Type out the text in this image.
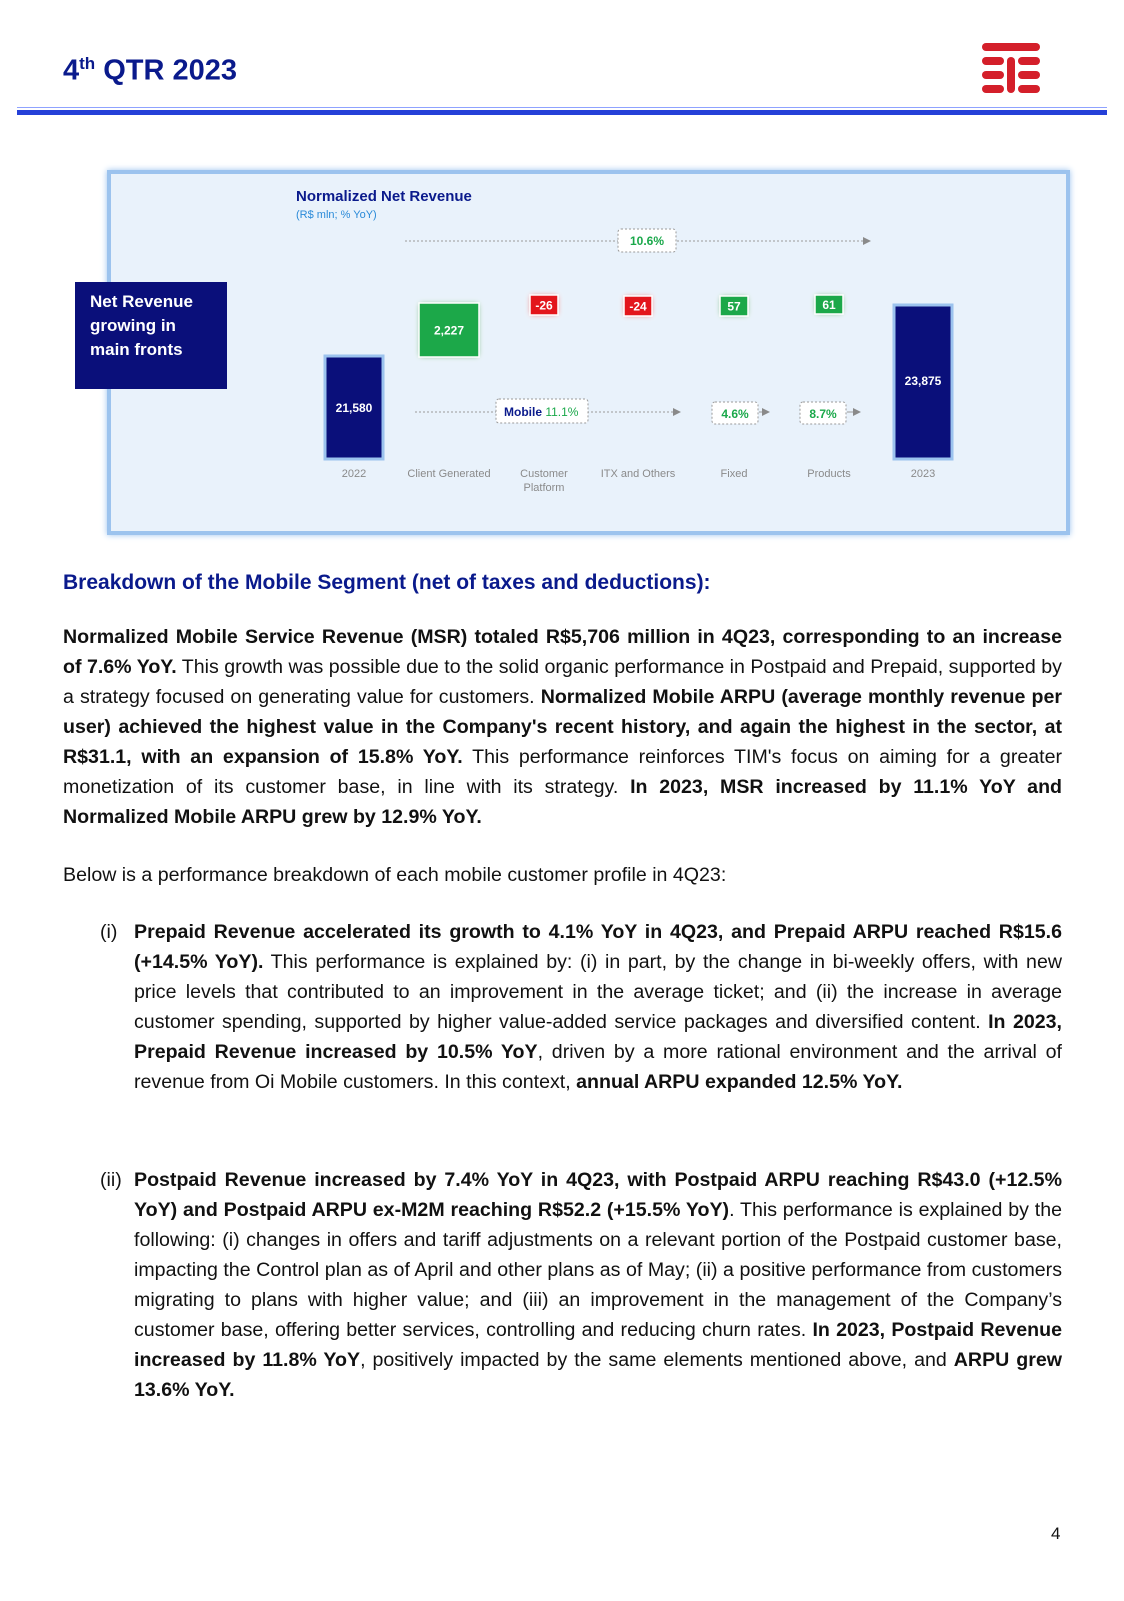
4th QTR 2023
Normalized Net Revenue
(R$ mln; % YoY)
10.6%
21,580
23,875
2,227
-26	-24	57	61
Mobile 11.1%	4.6%	8.7%
2022	Client Generated	Customer
Platform
ITX and Others	Fixed	Products	2023
Net Revenue
growing in
main fronts
Breakdown of the Mobile Segment (net of taxes and deductions):
Normalized Mobile Service Revenue (MSR) totaled R$5,706 million in 4Q23, corresponding to an increase of 7.6% YoY. This growth was possible due to the solid organic performance in Postpaid and Prepaid, supported by a strategy focused on generating value for customers. Normalized Mobile ARPU (average monthly revenue per user) achieved the highest value in the Company's recent history, and again the highest in the sector, at R$31.1, with an expansion of 15.8% YoY. This performance reinforces TIM's focus on aiming for a greater monetization of its customer base, in line with its strategy. In 2023, MSR increased by 11.1% YoY and Normalized Mobile ARPU grew by 12.9% YoY.
Below is a performance breakdown of each mobile customer profile in 4Q23:
(i) Prepaid Revenue accelerated its growth to 4.1% YoY in 4Q23, and Prepaid ARPU reached R$15.6 (+14.5% YoY). This performance is explained by: (i) in part, by the change in bi-weekly offers, with new price levels that contributed to an improvement in the average ticket; and (ii) the increase in average customer spending, supported by higher value-added service packages and diversified content. In 2023, Prepaid Revenue increased by 10.5% YoY, driven by a more rational environment and the arrival of revenue from Oi Mobile customers. In this context, annual ARPU expanded 12.5% YoY.
(ii) Postpaid Revenue increased by 7.4% YoY in 4Q23, with Postpaid ARPU reaching R$43.0 (+12.5% YoY) and Postpaid ARPU ex-M2M reaching R$52.2 (+15.5% YoY). This performance is explained by the following: (i) changes in offers and tariff adjustments on a relevant portion of the Postpaid customer base, impacting the Control plan as of April and other plans as of May; (ii) a positive performance from customers migrating to plans with higher value; and (iii) an improvement in the management of the Company’s customer base, offering better services, controlling and reducing churn rates. In 2023, Postpaid Revenue increased by 11.8% YoY, positively impacted by the same elements mentioned above, and ARPU grew 13.6% YoY.
4
